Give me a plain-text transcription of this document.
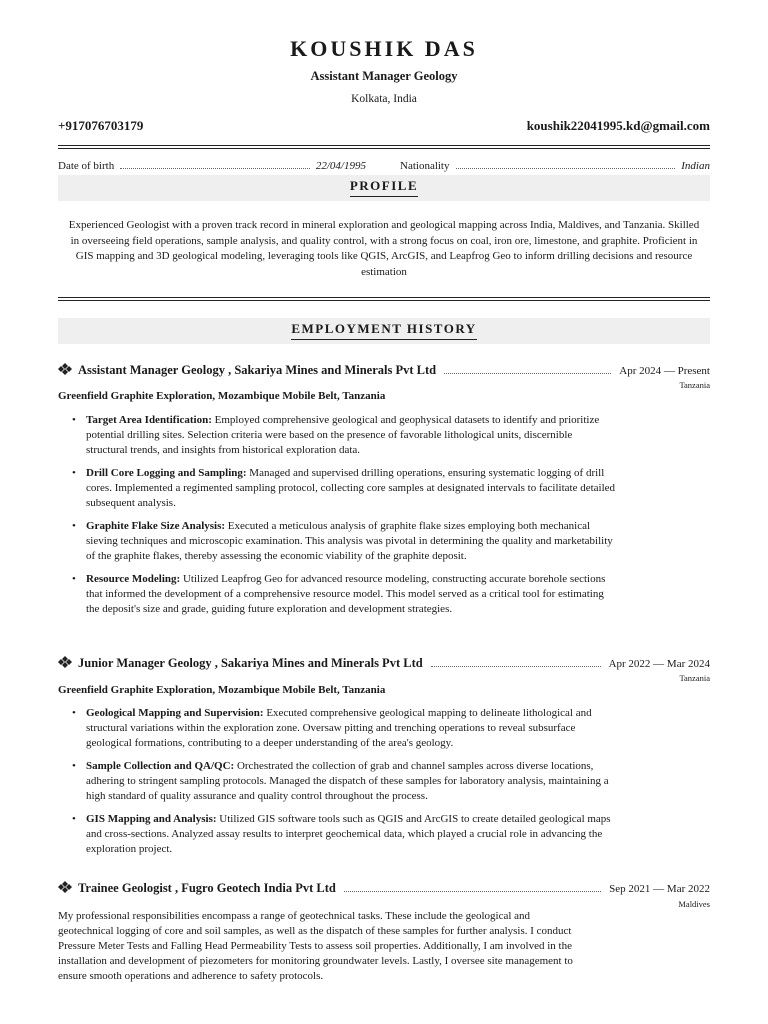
KOUSHIK DAS
Assistant Manager Geology
Kolkata, India
+917076703179	koushik22041995.kd@gmail.com
Date of birth	22/04/1995	Nationality	Indian
PROFILE
Experienced Geologist with a proven track record in mineral exploration and geological mapping across India, Maldives, and Tanzania. Skilled in overseeing field operations, sample analysis, and quality control, with a strong focus on coal, iron ore, limestone, and graphite. Proficient in GIS mapping and 3D geological modeling, leveraging tools like QGIS, ArcGIS, and Leapfrog Geo to inform drilling decisions and resource estimation
EMPLOYMENT HISTORY
Assistant Manager Geology , Sakariya Mines and Minerals Pvt Ltd	Apr 2024 — Present
Tanzania
Greenfield Graphite Exploration, Mozambique Mobile Belt, Tanzania
• Target Area Identification: Employed comprehensive geological and geophysical datasets to identify and prioritize potential drilling sites. Selection criteria were based on the presence of favorable lithological units, discernible structural trends, and insights from historical exploration data.
• Drill Core Logging and Sampling: Managed and supervised drilling operations, ensuring systematic logging of drill cores. Implemented a regimented sampling protocol, collecting core samples at designated intervals to facilitate detailed subsequent analysis.
• Graphite Flake Size Analysis: Executed a meticulous analysis of graphite flake sizes employing both mechanical sieving techniques and microscopic examination. This analysis was pivotal in determining the quality and marketability of the graphite flakes, thereby assessing the economic viability of the graphite deposit.
• Resource Modeling: Utilized Leapfrog Geo for advanced resource modeling, constructing accurate borehole sections that informed the development of a comprehensive resource model. This model served as a critical tool for estimating the deposit's size and grade, guiding future exploration and development strategies.
Junior Manager Geology , Sakariya Mines and Minerals Pvt Ltd	Apr 2022 — Mar 2024
Tanzania
Greenfield Graphite Exploration, Mozambique Mobile Belt, Tanzania
• Geological Mapping and Supervision: Executed comprehensive geological mapping to delineate lithological and structural variations within the exploration zone. Oversaw pitting and trenching operations to reveal subsurface geological formations, contributing to a deeper understanding of the area's geology.
• Sample Collection and QA/QC: Orchestrated the collection of grab and channel samples across diverse locations, adhering to stringent sampling protocols. Managed the dispatch of these samples for laboratory analysis, maintaining a high standard of quality assurance and quality control throughout the process.
• GIS Mapping and Analysis: Utilized GIS software tools such as QGIS and ArcGIS to create detailed geological maps and cross-sections. Analyzed assay results to interpret geochemical data, which played a crucial role in advancing the exploration project.
Trainee Geologist , Fugro Geotech India Pvt Ltd	Sep 2021 — Mar 2022
Maldives
My professional responsibilities encompass a range of geotechnical tasks. These include the geological and geotechnical logging of core and soil samples, as well as the dispatch of these samples for further analysis. I conduct Pressure Meter Tests and Falling Head Permeability Tests to assess soil properties. Additionally, I am involved in the installation and development of piezometers for monitoring groundwater levels. Lastly, I oversee site management to ensure smooth operations and adherence to safety protocols.
